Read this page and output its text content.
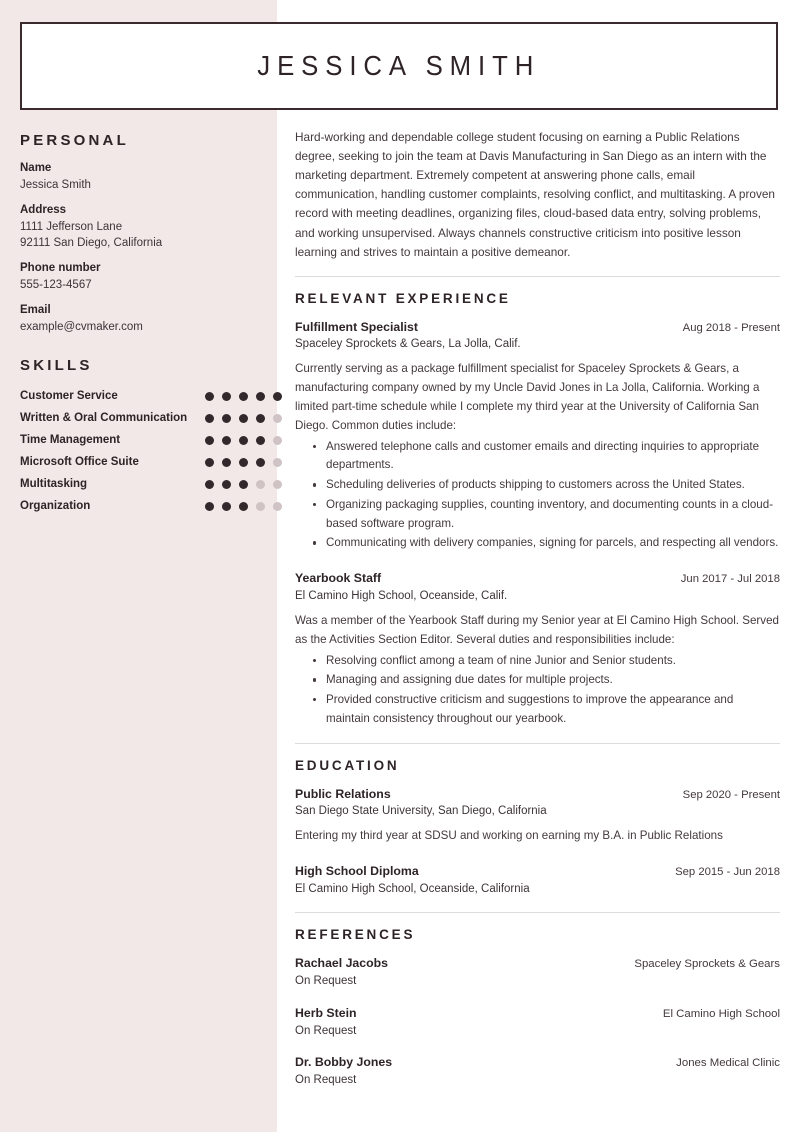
JESSICA SMITH
PERSONAL
Name
Jessica Smith
Address
1111 Jefferson Lane
92111 San Diego, California
Phone number
555-123-4567
Email
example@cvmaker.com
SKILLS
Customer Service
Written & Oral Communication
Time Management
Microsoft Office Suite
Multitasking
Organization

Hard-working and dependable college student focusing on earning a Public Relations degree, seeking to join the team at Davis Manufacturing in San Diego as an intern with the marketing department. Extremely competent at answering phone calls, email communication, handling customer complaints, resolving conflict, and multitasking. A proven record with meeting deadlines, organizing files, cloud-based data entry, solving problems, and working unsupervised. Always channels constructive criticism into positive lesson learning and strives to maintain a positive demeanor.

RELEVANT EXPERIENCE
Fulfillment Specialist	Aug 2018 - Present
Spaceley Sprockets & Gears, La Jolla, Calif.

Currently serving as a package fulfillment specialist for Spaceley Sprockets & Gears, a manufacturing company owned by my Uncle David Jones in La Jolla, California. Working a limited part-time schedule while I complete my third year at the University of California San Diego. Common duties include:

Answered telephone calls and customer emails and directing inquiries to appropriate departments.
Scheduling deliveries of products shipping to customers across the United States.
Organizing packaging supplies, counting inventory, and documenting counts in a cloud-based software program.
Communicating with delivery companies, signing for parcels, and respecting all vendors.
Yearbook Staff	Jun 2017 - Jul 2018
El Camino High School, Oceanside, Calif.

Was a member of the Yearbook Staff during my Senior year at El Camino High School. Served as the Activities Section Editor. Several duties and responsibilities include:

Resolving conflict among a team of nine Junior and Senior students.
Managing and assigning due dates for multiple projects.
Provided constructive criticism and suggestions to improve the appearance and maintain consistency throughout our yearbook.
EDUCATION
Public Relations	Sep 2020 - Present
San Diego State University, San Diego, California

Entering my third year at SDSU and working on earning my B.A. in Public Relations

High School Diploma	Sep 2015 - Jun 2018
El Camino High School, Oceanside, California
REFERENCES
Rachael Jacobs	Spaceley Sprockets & Gears
On Request
Herb Stein	El Camino High School
On Request
Dr. Bobby Jones	Jones Medical Clinic
On Request
